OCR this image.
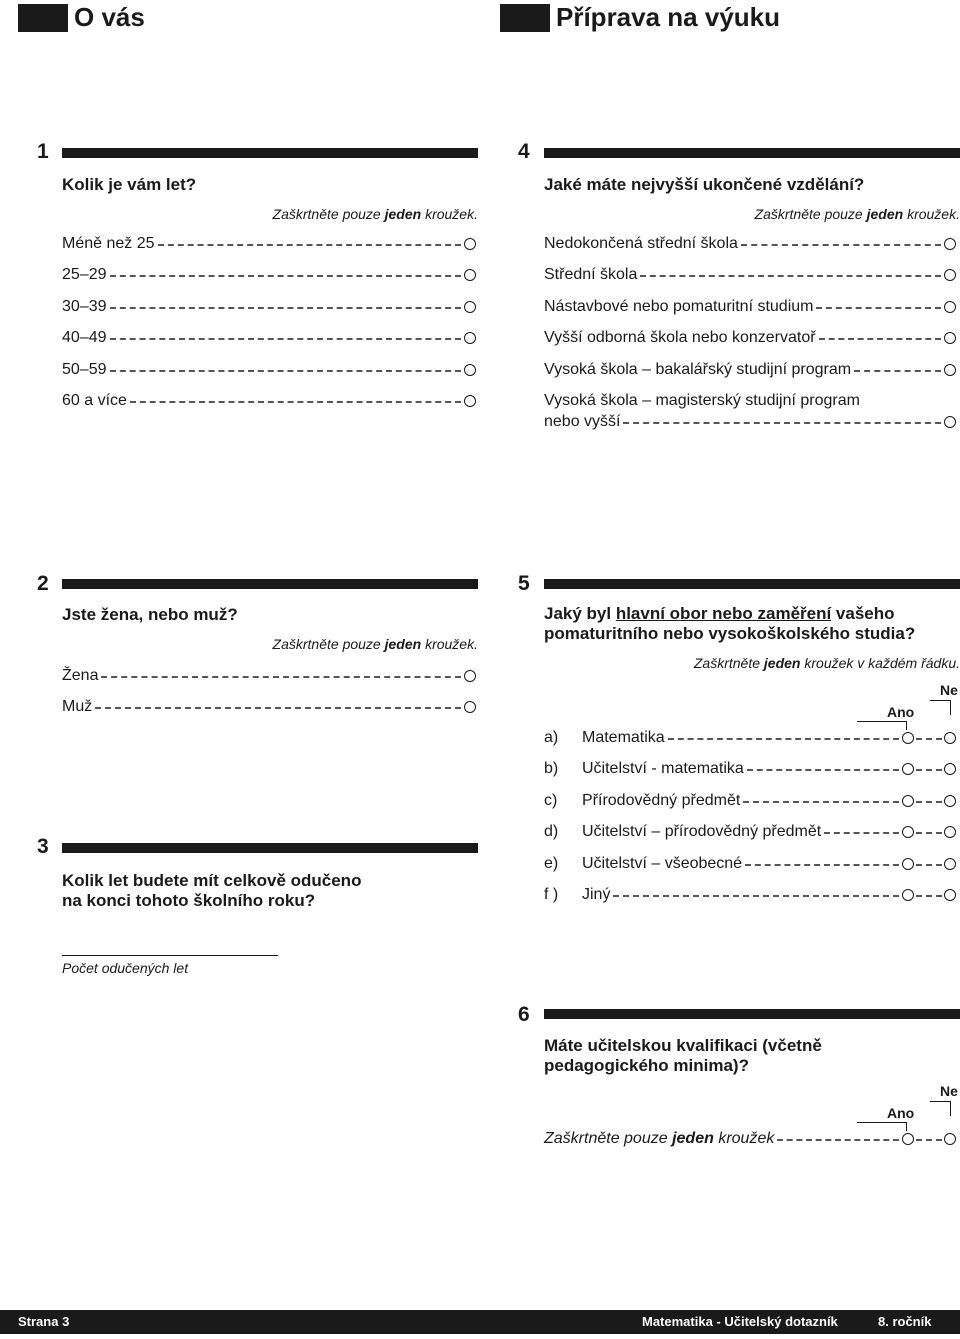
O vás	Příprava na výuku
1
Kolik je vám let?
Zaškrtněte pouze jeden kroužek.
Méně než 25
25–29
30–39
40–49
50–59
60 a více
2
Jste žena, nebo muž?
Zaškrtněte pouze jeden kroužek.
Žena
Muž
3
Kolik let budete mít celkově odučeno
na konci tohoto školního roku?
Počet odučených let
4
Jaké máte nejvyšší ukončené vzdělání?
Zaškrtněte pouze jeden kroužek.
Nedokončená střední škola
Střední škola
Nástavbové nebo pomaturitní studium
Vyšší odborná škola nebo konzervatoř
Vysoká škola – bakalářský studijní program
Vysoká škola – magisterský studijní program
nebo vyšší
5
Jaký byl hlavní obor nebo zaměření vašeho
pomaturitního nebo vysokoškolského studia?
Zaškrtněte jeden kroužek v každém řádku.
Ne
Ano
a)	Matematika
b)	Učitelství - matematika
c)	Přírodovědný předmět
d)	Učitelství – přírodovědný předmět
e)	Učitelství – všeobecné
f )	Jiný
6
Máte učitelskou kvalifikaci (včetně
pedagogického minima)?
Ne
Ano
Zaškrtněte pouze jeden kroužek
Strana 3	Matematika - Učitelský dotazník	8. ročník
